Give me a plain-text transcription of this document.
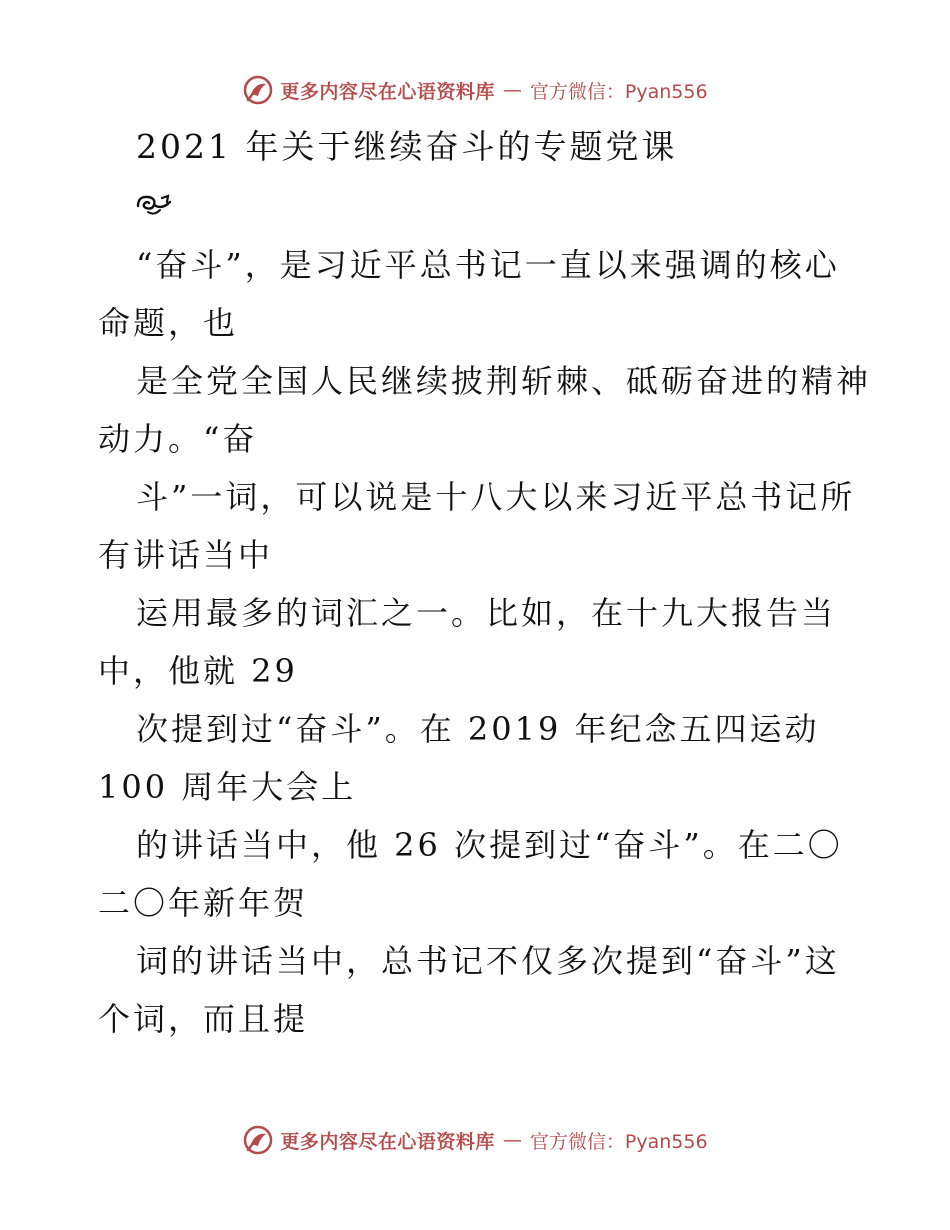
更多内容尽在心语资料库 — 官方微信：Pyan556
2021 年关于继续奋斗的专题党课
“奋斗”，是习近平总书记一直以来强调的核心
命题，也
是全党全国人民继续披荆斩棘、砥砺奋进的精神
动力。“奋
斗”一词，可以说是十八大以来习近平总书记所
有讲话当中
运用最多的词汇之一。比如，在十九大报告当
中，他就 29
次提到过“奋斗”。在 2019 年纪念五四运动
100 周年大会上
的讲话当中，他 26 次提到过“奋斗”。在二〇
二〇年新年贺
词的讲话当中，总书记不仅多次提到“奋斗”这
个词，而且提
更多内容尽在心语资料库 — 官方微信：Pyan556
